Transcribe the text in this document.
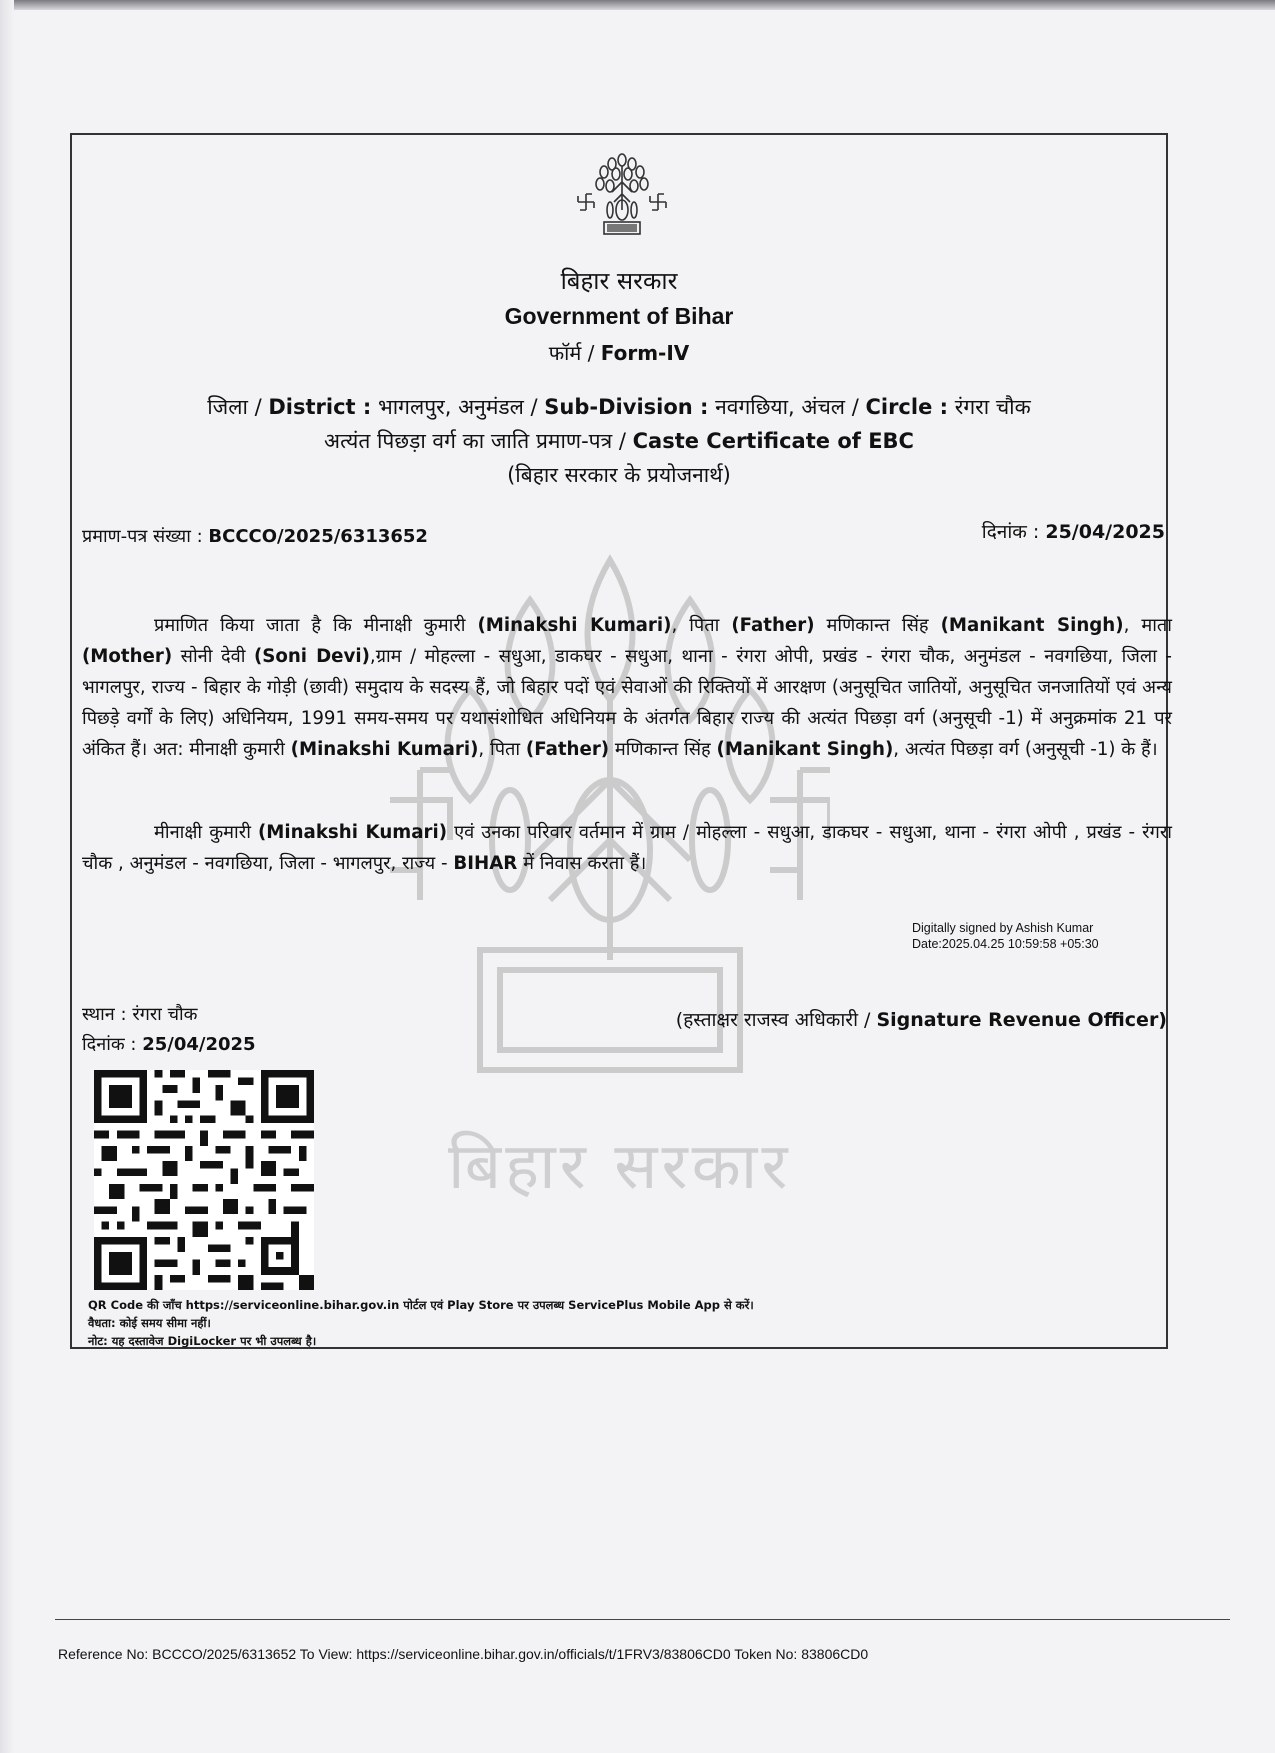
बिहार सरकार
बिहार सरकार
Government of Bihar
फॉर्म / Form-IV
जिला / District : भागलपुर, अनुमंडल / Sub-Division : नवगछिया, अंचल / Circle : रंगरा चौक
अत्यंत पिछड़ा वर्ग का जाति प्रमाण-पत्र / Caste Certificate of EBC
(बिहार सरकार के प्रयोजनार्थ)
प्रमाण-पत्र संख्या : BCCCO/2025/6313652	दिनांक : 25/04/2025
प्रमाणित किया जाता है कि मीनाक्षी कुमारी (Minakshi Kumari), पिता (Father) मणिकान्त सिंह (Manikant Singh), माता (Mother) सोनी देवी (Soni Devi),ग्राम / मोहल्ला - सधुआ, डाकघर - सधुआ, थाना - रंगरा ओपी, प्रखंड - रंगरा चौक, अनुमंडल - नवगछिया, जिला - भागलपुर, राज्य - बिहार के गोड़ी (छावी) समुदाय के सदस्य हैं, जो बिहार पदों एवं सेवाओं की रिक्तियों में आरक्षण (अनुसूचित जातियों, अनुसूचित जनजातियों एवं अन्य पिछड़े वर्गों के लिए) अधिनियम, 1991 समय-समय पर यथासंशोधित अधिनियम के अंतर्गत बिहार राज्य की अत्यंत पिछड़ा वर्ग (अनुसूची -1) में अनुक्रमांक 21 पर अंकित हैं। अत: मीनाक्षी कुमारी (Minakshi Kumari), पिता (Father) मणिकान्त सिंह (Manikant Singh), अत्यंत पिछड़ा वर्ग (अनुसूची -1) के हैं।
मीनाक्षी कुमारी (Minakshi Kumari) एवं उनका परिवार वर्तमान में ग्राम / मोहल्ला - सधुआ, डाकघर - सधुआ, थाना - रंगरा ओपी , प्रखंड - रंगरा चौक , अनुमंडल - नवगछिया, जिला - भागलपुर, राज्य - BIHAR में निवास करता हैं।
Digitally signed by Ashish Kumar
Date:2025.04.25 10:59:58 +05:30
(हस्ताक्षर राजस्व अधिकारी / Signature Revenue Officer)
स्थान : रंगरा चौक
दिनांक : 25/04/2025
QR Code की जाँच https://serviceonline.bihar.gov.in पोर्टल एवं Play Store पर उपलब्ध ServicePlus Mobile App से करें।
वैधता: कोई समय सीमा नहीं।
नोट: यह दस्तावेज DigiLocker पर भी उपलब्ध है।
Reference No: BCCCO/2025/6313652 To View: https://serviceonline.bihar.gov.in/officials/t/1FRV3/83806CD0 Token No: 83806CD0
